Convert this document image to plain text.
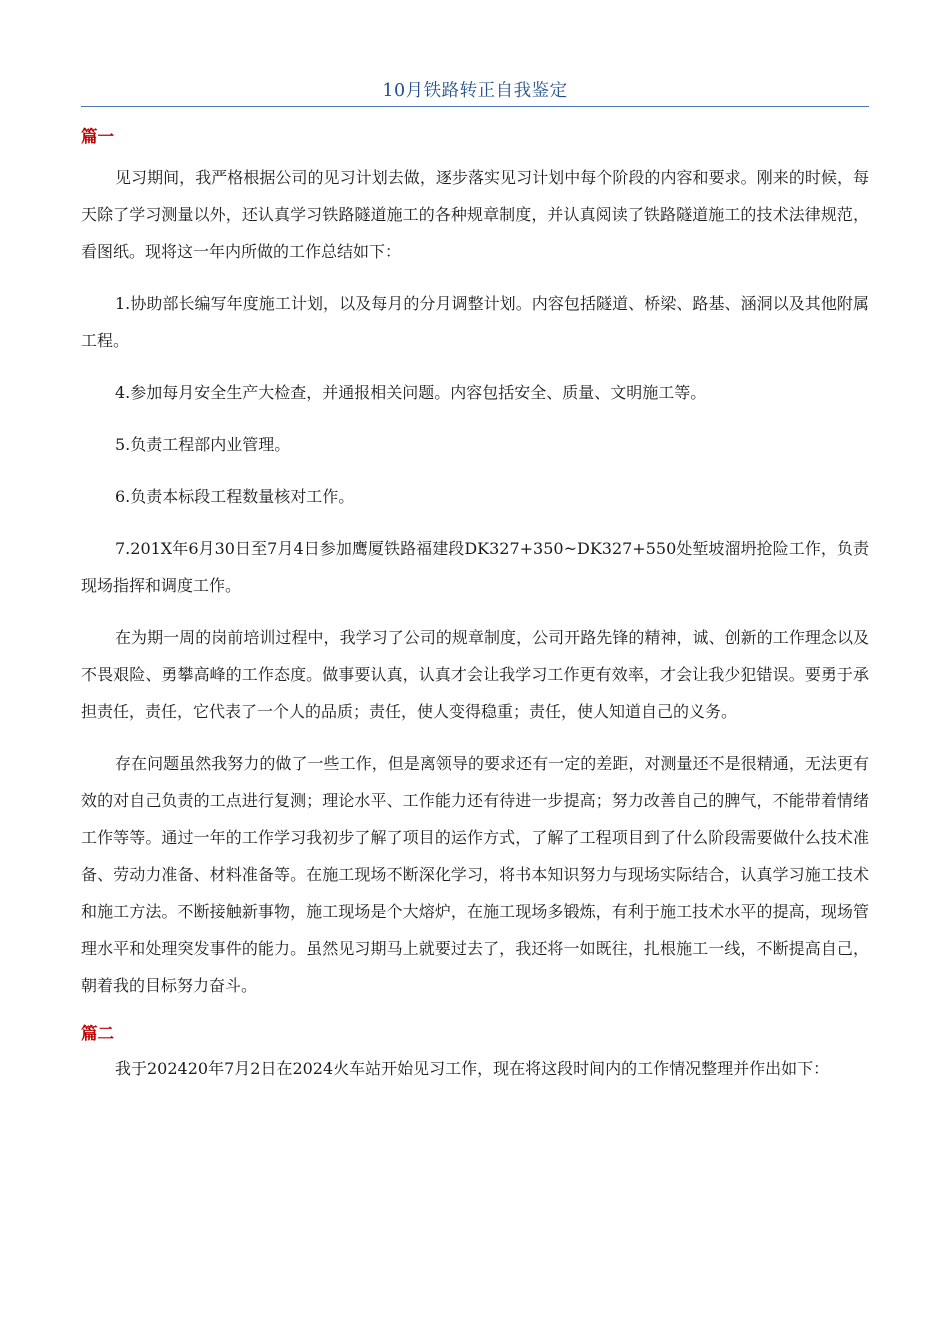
10月铁路转正自我鉴定
篇一

见习期间，我严格根据公司的见习计划去做，逐步落实见习计划中每个阶段的内容和要求。刚来的时候，每天除了学习测量以外，还认真学习铁路隧道施工的各种规章制度，并认真阅读了铁路隧道施工的技术法律规范，看图纸。现将这一年内所做的工作总结如下：

1.协助部长编写年度施工计划，以及每月的分月调整计划。内容包括隧道、桥梁、路基、涵洞以及其他附属工程。

4.参加每月安全生产大检查，并通报相关问题。内容包括安全、质量、文明施工等。

5.负责工程部内业管理。

6.负责本标段工程数量核对工作。

7.201X年6月30日至7月4日参加鹰厦铁路福建段DK327+350~DK327+550处堑坡溜坍抢险工作，负责现场指挥和调度工作。

在为期一周的岗前培训过程中，我学习了公司的规章制度，公司开路先锋的精神，诚、创新的工作理念以及不畏艰险、勇攀高峰的工作态度。做事要认真，认真才会让我学习工作更有效率，才会让我少犯错误。要勇于承担责任，责任，它代表了一个人的品质；责任，使人变得稳重；责任，使人知道自己的义务。

存在问题虽然我努力的做了一些工作，但是离领导的要求还有一定的差距，对测量还不是很精通，无法更有效的对自己负责的工点进行复测；理论水平、工作能力还有待进一步提高；努力改善自己的脾气，不能带着情绪工作等等。通过一年的工作学习我初步了解了项目的运作方式，了解了工程项目到了什么阶段需要做什么技术准备、劳动力准备、材料准备等。在施工现场不断深化学习，将书本知识努力与现场实际结合，认真学习施工技术和施工方法。不断接触新事物，施工现场是个大熔炉，在施工现场多锻炼，有利于施工技术水平的提高，现场管理水平和处理突发事件的能力。虽然见习期马上就要过去了，我还将一如既往，扎根施工一线，不断提高自己，朝着我的目标努力奋斗。

篇二

我于202420年7月2日在2024火车站开始见习工作，现在将这段时间内的工作情况整理并作出如下：
